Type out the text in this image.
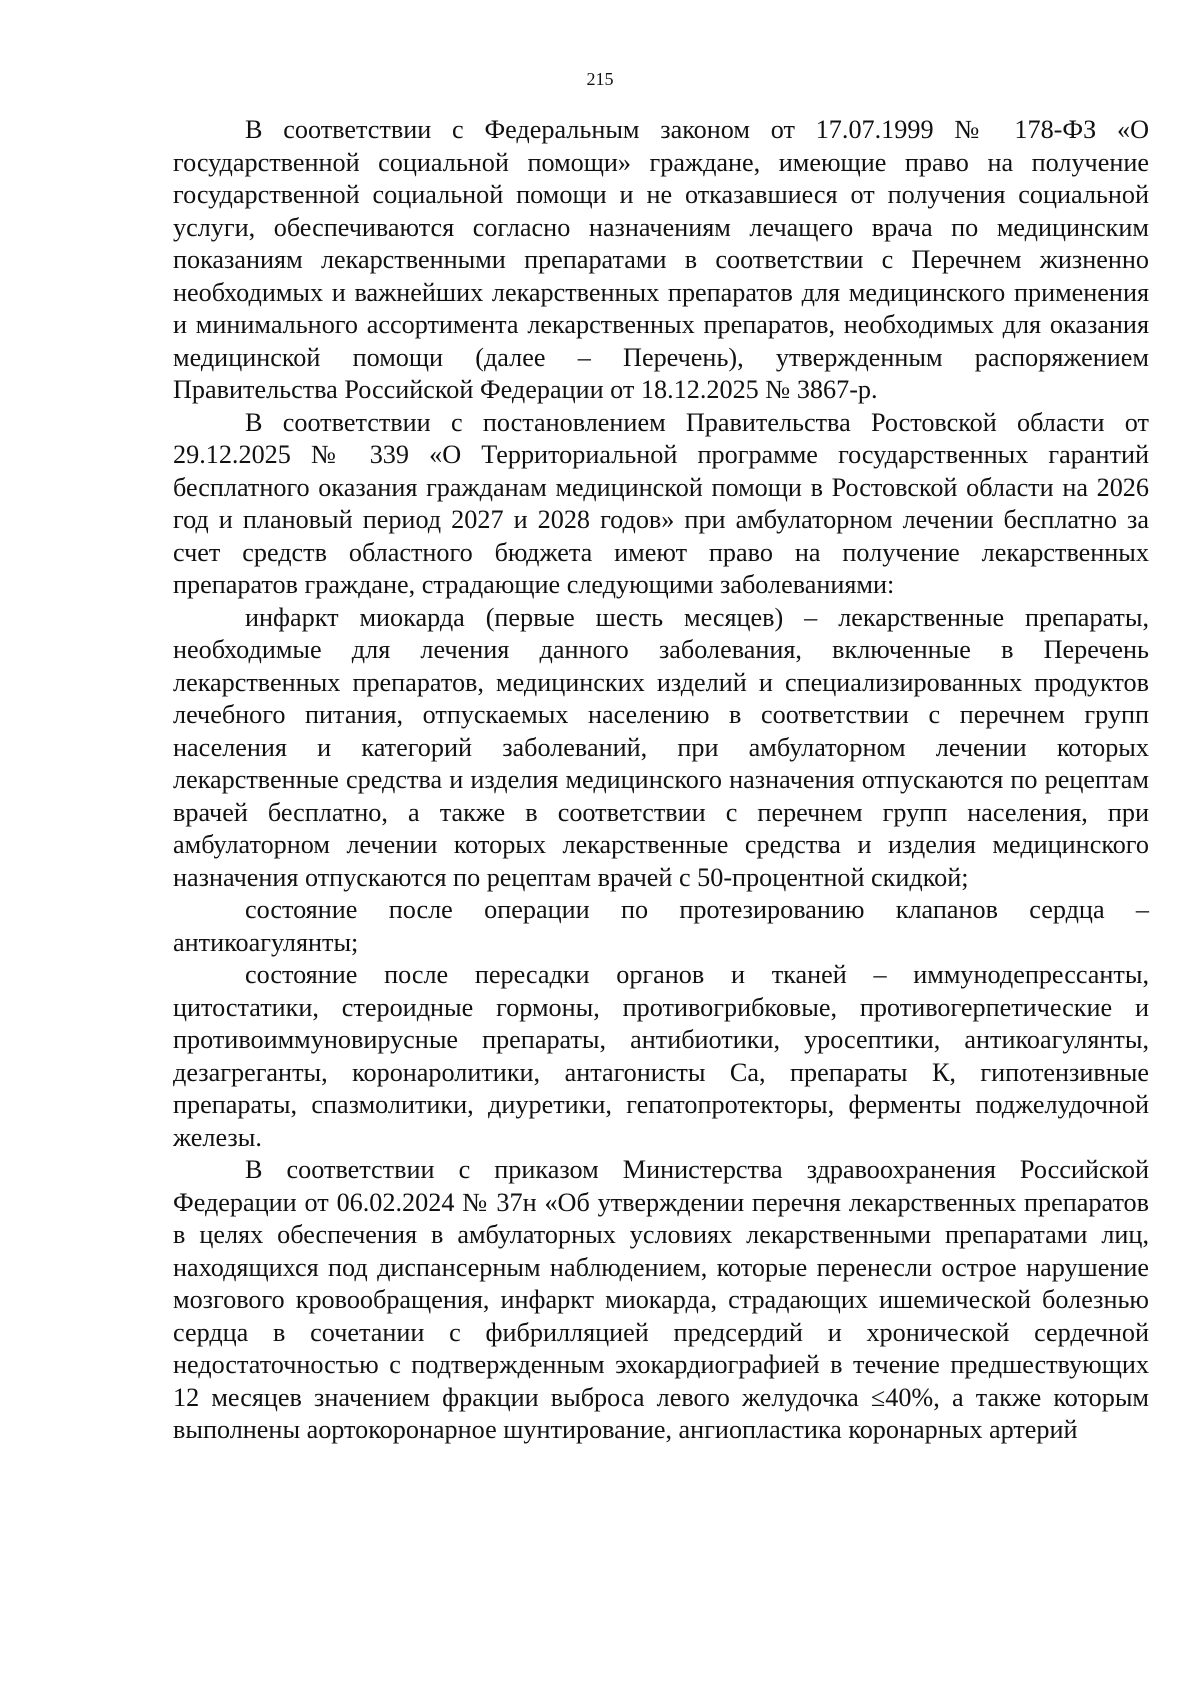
215

В соответствии с Федеральным законом от 17.07.1999 № 178-ФЗ «О государственной социальной помощи» граждане, имеющие право на получение государственной социальной помощи и не отказавшиеся от получения социальной услуги, обеспечиваются согласно назначениям лечащего врача по медицинским показаниям лекарственными препаратами в соответствии с Перечнем жизненно необходимых и важнейших лекарственных препаратов для медицинского применения и минимального ассортимента лекарственных препаратов, необходимых для оказания медицинской помощи (далее – Перечень), утвержденным распоряжением Правительства Российской Федерации от 18.12.2025 № 3867-р.

В соответствии с постановлением Правительства Ростовской области от 29.12.2025 № 339 «О Территориальной программе государственных гарантий бесплатного оказания гражданам медицинской помощи в Ростовской области на 2026 год и плановый период 2027 и 2028 годов» при амбулаторном лечении бесплатно за счет средств областного бюджета имеют право на получение лекарственных препаратов граждане, страдающие следующими заболеваниями:

инфаркт миокарда (первые шесть месяцев) – лекарственные препараты, необходимые для лечения данного заболевания, включенные в Перечень лекарственных препаратов, медицинских изделий и специализированных продуктов лечебного питания, отпускаемых населению в соответствии с перечнем групп населения и категорий заболеваний, при амбулаторном лечении которых лекарственные средства и изделия медицинского назначения отпускаются по рецептам врачей бесплатно, а также в соответствии с перечнем групп населения, при амбулаторном лечении которых лекарственные средства и изделия медицинского назначения отпускаются по рецептам врачей с 50-процентной скидкой;

состояние после операции по протезированию клапанов сердца – антикоагулянты;

состояние после пересадки органов и тканей – иммунодепрессанты, цитостатики, стероидные гормоны, противогрибковые, противогерпетические и противоиммуновирусные препараты, антибиотики, уросептики, антикоагулянты, дезагреганты, коронаролитики, антагонисты Са, препараты К, гипотензивные препараты, спазмолитики, диуретики, гепатопротекторы, ферменты поджелудочной железы.

В соответствии с приказом Министерства здравоохранения Российской Федерации от 06.02.2024 № 37н «Об утверждении перечня лекарственных препаратов в целях обеспечения в амбулаторных условиях лекарственными препаратами лиц, находящихся под диспансерным наблюдением, которые перенесли острое нарушение мозгового кровообращения, инфаркт миокарда, страдающих ишемической болезнью сердца в сочетании с фибрилляцией предсердий и хронической сердечной недостаточностью с подтвержденным эхокардиографией в течение предшествующих 12 месяцев значением фракции выброса левого желудочка ≤40%, а также которым выполнены аортокоронарное шунтирование, ангиопластика коронарных артерий
